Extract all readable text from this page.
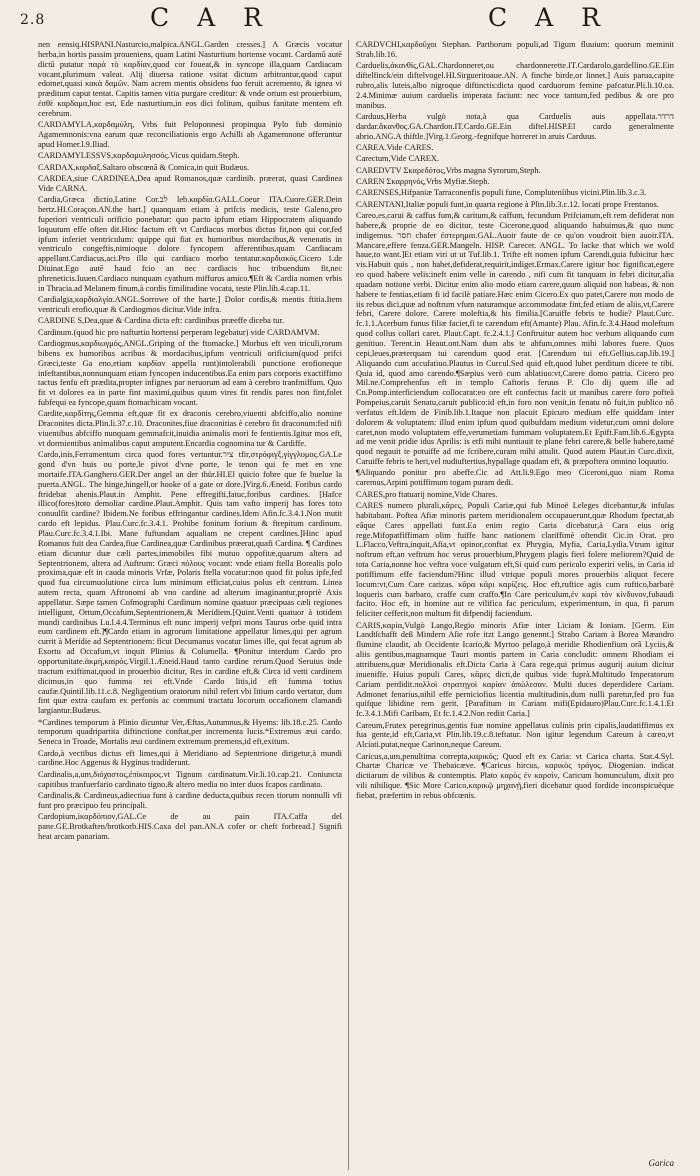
2.8	C A R	C A R

nen eensiq.HISPANI.Nasturcio,malpica.ANGL.Garden cresses.] A Græcis vocatur herba,in hortis passim proueniens, quam Latini Nasturtium hortense vocant. Cardamū autē dictū putatur παρὰ τὸ καρδίαν,quod cor foueat,& in syncope illa,quam Cardiacam vocant,plurimum valeat. Alij diuersa ratione vsitat dictum arbitrantur,quod caput edomet,quasi κακὰ δαμῶν. Nam acrem mentis obsidens fuo feruit acremento, & ignea vi præditum caput tentat. Capitis tamen vitia purgare creditur: & vnde ortum est prouerbium, ἐσθὲ καρδαμα,hoc est, Ede nasturtium,in eos dici folitum, quibus fanitate mentem eft cerebrum.

CARDAMYLA,καρδαμύλη, Vrbs fuit Peloponnesi propinqua Pylo fub dominio Agamemnonis:vna earum quæ reconciliationis ergo Achilli ab Agamemnone offeruntur apud Homer.l.9.Iliad.

CARDAMYLESSVS,καρδαμυλησσός.Vicus quidam.Steph.

CARDAX,καρδαξ.Saltaro obscœnā & Comica,in quit Budæus.

CARDEA,siue CARDINEA,Dea apud Romanos,quæ cardinib. præerat, quasi Cardinea Vide CARNA.

Cardia,Græca dictio,Latine Cor.לב leb.καρδία.GALL.Coeur ITA.Cuore.GER.Dein hertz.HI.Coraçon.AN.the hart.] quanquam etiam à prifcis medicis, teste Galeno,pro fuperiori ventriculi orificio ponebatur: quo pacto ipfum etiam Hippocratem aliquando loquutum effe often dit.Hinc factum eft vt Cardiacus morbus dictus fit,non qui cor,fed ipfum inferiet ventriculum: quippe qui fiat ex humoribus mordacibus,& venenatis in ventriculo congeftis,nimioque dolore fyncopem afferentibus,quam Cardiacam appellant.Cardiacus,aci.Pro illo qui cardiaco morbo tentatur.καρδιακός.Cicero 1.de Diuinat.Ego autē haud fcio an nec cardiacis hoc tribuendum fit,nec phreneticis.Iuuen.Cardiaco nunquam cyathum miffurus amico.¶Eft & Cardia nomen vrbis in Thracia.ad Melanem finum,à cordis fimilitudine vocata, teste Plin.lib.4.cap.11.

Cardialgia,καρδιαλγία.ANGL.Sorrowe of the harte.] Dolor cordis,& mentis ftitia.Item ventriculi erofio,quæ & Cardiogmos dicitur.Vide infra.

CARDINE S,Dea,quæ & Cardina dicta eft: cardinibus præeffe diceba tur.

Cardinum.(quod hic pro nafturtio hortensi perperam legebatur) vide CARDAMVM.

Cardiogmus,καρδιωγμός,ANGL.Griping of the ftomacke.] Morbus eft ven triculi,rorum bibens ex humoribus acribus & mordacibus,ipfum ventriculi orificium(quod prifci Græci,teste Ga eno,etiam καρδίαν appella runt)intolerabili punctione erofioneque infeftantibus,nonnunquam etiam fyncopen inducentibus.Ea enim pars corporis exactiffimo tactus fenfu eft prædita,propter infignes par neruorum ad eam à cerebro tranfmiffum. Quo fit vt dolores ea in parte fint maximi,quibus quum vires fit rendis pares non fint,folet fubfequi ea fyncope,quam ftomachicam vocant.

Cardite,καρδίτης,Gemma eft,quæ fit ex draconis cerebro,viuenti abfciffo,alio nomine Draconites dicta.Plin.li.37.c.10. Draconites,fiue draconitias è cerebro fit draconum:fed nifi viuentibus abfciffo nunquam gemmafcit,inuidia animalis mori fe fentientis.Igitur mos eft, vt dormientibus animalibus caput amputent.Encardia cognomina tur & Cardiffe.

Cardo,inis,Ferramentum circa quod fores vertuntur.ציר tfir,στρόφιγξ,γίγγλυμος.GA.Le gond d'vn huis ou porte,le pivot d'vne porte, le tenon qui fe met en vne mortaife.ITA.Ganghero.GER.Der angel an der thür.HI.El quicio fobre que fe buelue la puerta.ANGL. The hinge,hingell,or hooke of a gate or dore.]Virg.6.Æneid. Foribus cardo ftridebat ahenis.Plaut.in Amphit. Pene effregifti,fatuc,foribus cardines. [Hafce illico(fores)toto demoliar cardine.Plaut.Amphit. Quis tam vafto imperij has fores toto conuulfit cardine? Ibidem.Ne foribus effringantur cardines.Idem Afin.fc.3.4.1.Non mutit cardo eft lepidus. Plau.Curc.fc.3.4.1. Prohibe fonitum forium & ftrepitum cardinum. Plau.Curc.fc.3.4.1.Ibi. Mane fuftundam aqualiam ne crepent cardines.]Hinc apud Romanos fuit dea Cardea,fiue Cardinea,quæ Cardinibus præerat,quafi Cardina. ¶ Cardines etiam dicuntur duæ cæli partes,immobiles fibi mutuo oppofitæ,quarum altera ad Septentrionem, altera ad Auftrum: Græci πόλους vocant: vnde etiam ftella Borealis polo proxima,quæ eft in cauda minoris Vrfæ, Polaris ftella vocatur:non quod fit polus ipfe,fed quod fua circumuolutione circa lum minimum efficiat,cuius polus eft centrum. Linea autem recta, quam Aftronomi ab vno cardine ad alterum imaginantur,propriè Axis appellatur. Sæpe tamen Cofmographi Cardinum nomine quatuor præcipuas cæli regiones intelligunt, Ortum,Occafum,Septentrionem,& Meridiem.[Quint.Venti quatuor à totidem mundi cardinibus Lu.l.4.4.Terminus eft nunc imperij vefpri mons Taurus orbe quid intra eum cardinem eft.]¶Cardo etiam in agrorum limitatione appellatur limes,qui per agrum currit à Meridie ad Septentrionem: ficut Decumanus vocatur limes ille, qui fecat agrum ab Exortu ad Occafum,vt inquit Plinius & Columella. ¶Ponitur interdum Cardo pro opportunitate.ἀκμή,καιρός.Virgil.1.Æneid.Haud tanto cardine rerum.Quod Seruius inde tractum exiftimat,quod in prouerbio dicitur, Res in cardine eft,& Circa id vetti cardinem dicimus,in quo fumma rei eft.Vnde Cardo litis,id eft fumma totius caufæ.Quintil.lib.11.c.8. Negligentium oratorum nihil refert vbi litium cardo vertatur, dum fint quæ extra caufam ex perfonis ac communi tractatu locorum occafionem clamandi largiantur.Budæus.

*Cardines temporum à Plinio dicuntur Ver,Æftas,Autumnus,& Hyems: lib.18.c.25. Cardo temporum quadripartita diftinctione conftat,per incrementa lucis.*Extremus æui cardo. Seneca in Troade, Mortalis æui cardinem extremum premens,id eft,exitum.

Cardo,à vectibus dictus eft limes,qui à Meridiano ad Septentrione dirigetur,à mundi cardine.Hoc Aggenus & Hyginus tradiderunt.

Cardinalis,a,um,διόχαστος,ἐπίκαιρος.vt Tignum cardinatum.Vir.li.10.cap.21. Coniuncta capitibus tranfuerfario cardinato tigno,& altero media no inter duos fcapos cardinato.

Cardinalis,& Cardineus,adiectiua funt à cardine deducta,quibus recen tiorum nonnulli vfi funt pro præcipuo feu principali.

Cardopium,ἱκαρδόπιον,GAL.Ce de au pain ITA.Caffa del pane.GE.Brotkaften/brotkorb.HIS.Caxa del pan.AN.A cofer or cheft forbread.] Signifi heat arcam panariam.

CARDVCHI,καρδοῦχοι Stephan. Parthorum populi,ad Tigum fluuium: quorum meminit Strab.lib.16.

Carduelis,ἀκανθίς,GAL.Chardonneret,ou chardonnerette.IT.Cardarolo,gardellino.GE.Ein diftelfinck/ein diftelvogel.HI.Sirgueritoaue.AN. A finche birde,or linnet.] Auis parua,capite rubro,alis luteis,albo nigroque diftinctis:dicta quod carduorum femine pafcatur.Pli.li.10.ca. 2.4.Minimæ auium carduelis imperata faciunt: nec voce tantum,fed pedibus & ore pro manibus.

Carduus,Herba vulgò nota,à qua Carduelis auis appellata.דרדר dardar.ἄκανθος.GA.Chardon.IT.Cardo.GE.Ein diftel.HISP.El cardo generalmente abrio.ANG.A thiftle.]Virg.1.Georg.-fegnifque horreret in aruis Carduus.

CAREA.Vide CARES.

Carectum,Vide CAREX.

CAREDVTV Σκαρεδότος,Vrbs magna Syrorum,Steph.

CAREN Σκαρρηνός,Vrbs Myfiæ.Steph.

CARENSES,Hifpaniæ Tarraconenfis populi fune, Compluteníibus vicini.Plin.lib.3.c.3.

CARENTANI,Italiæ populi funt,in quarta regione à Plin.lib.3.c.12. locati prope Frentanos.

Careo,es,carui & caffus fum,& caritum,& caffum, fecundum Prifcianum,eft rem defiderat non habere,& proprie de eo dicitur, teste Cicerone,quod aliquando habuimus,& quo nunc indigemus. חסר chafer ἐστερημαι.GAL.Auoir faute de ce qu'on voudroit bien auoir.ITA. Mancare,effere fenza.GER.Mangeln. HISP. Carecer. ANGL. To lacke that which we wold haue,to want.]Et etiam viri ut ut Tuf.lib.1. Trifte eft nomen ipfum Carendi,quia fubicitur hæc vis.Habuit quis , non habet,defiderat,requirit,indiget.Ermax.Carere igitur hoc fignificat,egere eo quod habere velis:ineft enim velle in carendo , nifi cum fit tanquam in febri dicitur,alia quadam notione verbi. Dicitur enim alio modo etiam carere,quum aliquid non habeas, & non habere te fentias,etiam fi id facilè patiare.Hæc enim Cicero.Ex quo patet,Carere non modo de iis rebus dici,quæ ad noftrum vfum naturamque accommodatæ fint,fed etiam de aliis,vt,Carere febri, Carere dolore. Carere moleftia,& his fimilia.[Caruiffe febris te hodie? Plaut.Curc. fc.1.1.Acerbum funus filiæ faciet,fi te carendum eft(Amante) Plau. Afin.fc.3.4.Haud moleftum quod collus collari caret. Plaut.Capt. fc.2.4.1.] Conftruitur autem hoc verbum aliquando cum genitiuo. Terent.in Heaut.ont.Nam dum abs te abfum,omnes mihi labores fuere. Quos cepi,leues,præterquam tui carendum quod erat. [Carendum tui eft.Gellius.cap.lib.19.] Aliquando cum accufatiuo.Plautus in Curcul.Sed quid eft,quod lubet perditum dicere te tibi. Quia id, quod amo carendo.¶Sæpius verò cum ablatiuo:vt,Carere domo patria. Cicero pro Mil.ne.Comprehenfus eft in templo Caftoris feruus P. Clo dij quem ille ad Cn.Pomp.interficiendum collocarat:eo ore eft confectus facit ut manibus carere foro pofteà Pompeius,caruit Senatu,caruit publico:id eft,in foro non venit,in fenatu nô fuit,in publico nô verfatus eft.Idem de Finib.lib.1.Itaque non placuit Epicuro medium effe quiddam inter dolorem & voluptatem: illud enim ipfum quod quibufdam medium videtur,cum omni dolore caret,non modo voluptatem effe,verumetiam fummam voluptatem.Et Epift.Fam.lib.6.Ægypta ad me venit pridie idus Aprilis: is etfi mihi nuntiauit te plane febri carere,& belle habere,tamé quod negauit te potuiffe ad me fcribere,curam mihi attulit. Quod autem Plaut.in Curc.dixit, Caruiffe febris te heri,vel nudiuftertius,hypallage quadam eft, & præpoftera omnino loquutio.

¶Aliquando ponitur pro abeffe.Cic ad Att.li.9.Ego meo Ciceroni,quo niam Roma caremus,Arpini potiffimum togam puram dedi.

CARES,pro ftatuarij nomine,Vide Chares.

CARES numero plurali,κᾶρες, Populi Cariæ,qui fub Minoë Leleges dicebantur,& infulas habitabant. Poftea Afiæ minoris partem meridionalem occupauerunt,quæ Rhodum fpectat,ab eâque Cares appellati funt.Ea enim regio Caria dicebatur,à Cara eius orig rege.Mifopatfiffimam olim fuiffe hanc nationem clariffimè oftendit Cic.in Orat. pro L.Flacco,Veftra,inquit,Afia,vt opinor,conftat ex Phrygia, Myfia, Caria,Lydia.Vtrum igitur noftrum eft,an veftrum hoc verus prouerbium,Phrygem plagis fieri folere meliorem?Quid de tota Caria,nonne hoc veftra voce vulgatum eft,Si quid cum periculo experiri velis, in Caria id potiffimum effe faciendum?Hinc illud vtrique populi mores prouerbiis aliquot fecere locum:vt,Cum Care carizas. κᾶρα κᾶρι καρίζεις. Hoc eft,ruftice agis cum ruftico,barbarè loqueris cum barbaro, craffe cum craffo.¶In Care periculum,ἐν καρὶ τὸν κίνδυνον,fubaudi facito. Hoc eft, in homine aut re vilifica fac periculum, experimentum, in qua, fi parum feliciter cefferit,non multum fit difpendij faciendum.

CARIS,καρία,Vulgò Lango,Regio minoris Afiæ inter Liciam & Ioniam. [Germ. Ein Landtſchafft deß Mindern Aſie rofe itzt Lango genennt.] Strabo Cariam à Borea Mæandro flumine claudit, ab Occidente Icario,& Myrtoo pelago,à meridie Rhodienfium orâ Lyciis,& aliis gentibus,magnamque Tauri montis partem in Caria concludit: omnem Rhodiam ei attribuens,quæ Meridionalis eft.Dicta Caria à Cara rege,qui primus augurij auium dicitur inueniffe. Huius populi Cares, κᾶρες dicti,de quibus vide fuprà.Multitudo Imperatorum Cariam perdidit.πολλοὶ στρατηγοὶ καρίαν ἀπώλεσαν. Multi duces deperdidere Cariam. Admonet fenarius,nihil effe perniciofius licentia multitudinis,dum nulli paretur,fed pro fua quifque libidine rem gerit. [Parafitum in Cariam mifi(Epidauro)Plau.Curc.fc.1.4.1.Et fc.3.4.1.Mifi Caribam, Et fc.1.4.2.Non rediit Caria.]

Careum,Frutex peregrinus,gentis fuæ nomine appellatus culinis prin cipalis,laudatiffimus ex fua gente,id eft,Caria,vt Plin.lib.19.c.8.teftatur. Non igitur legendum Careum à careo,vt Alciati.putat,neque Carinon,neque Careum.

Caricus,a,um,penultima correpta,καρικός; Quod eft ex Caria: vt Carica charta. Stat.4.Syl. Chartæ Charicæ ve Thebaicæve. ¶Caricus hircus, καρικὸς τράγος. Diogenian. indicat dictiarum de vilibus & contemptis. Plato καρὸς ἐν καρσὶν, Caricum homunculum, dixit pro vili nihilique. ¶Sic More Carico,καρικῷ μηχανῇ,fieri dicebatur quod fordide inconspicuèque fiebat, præfertim in rebus obfcœnis.

Garica
